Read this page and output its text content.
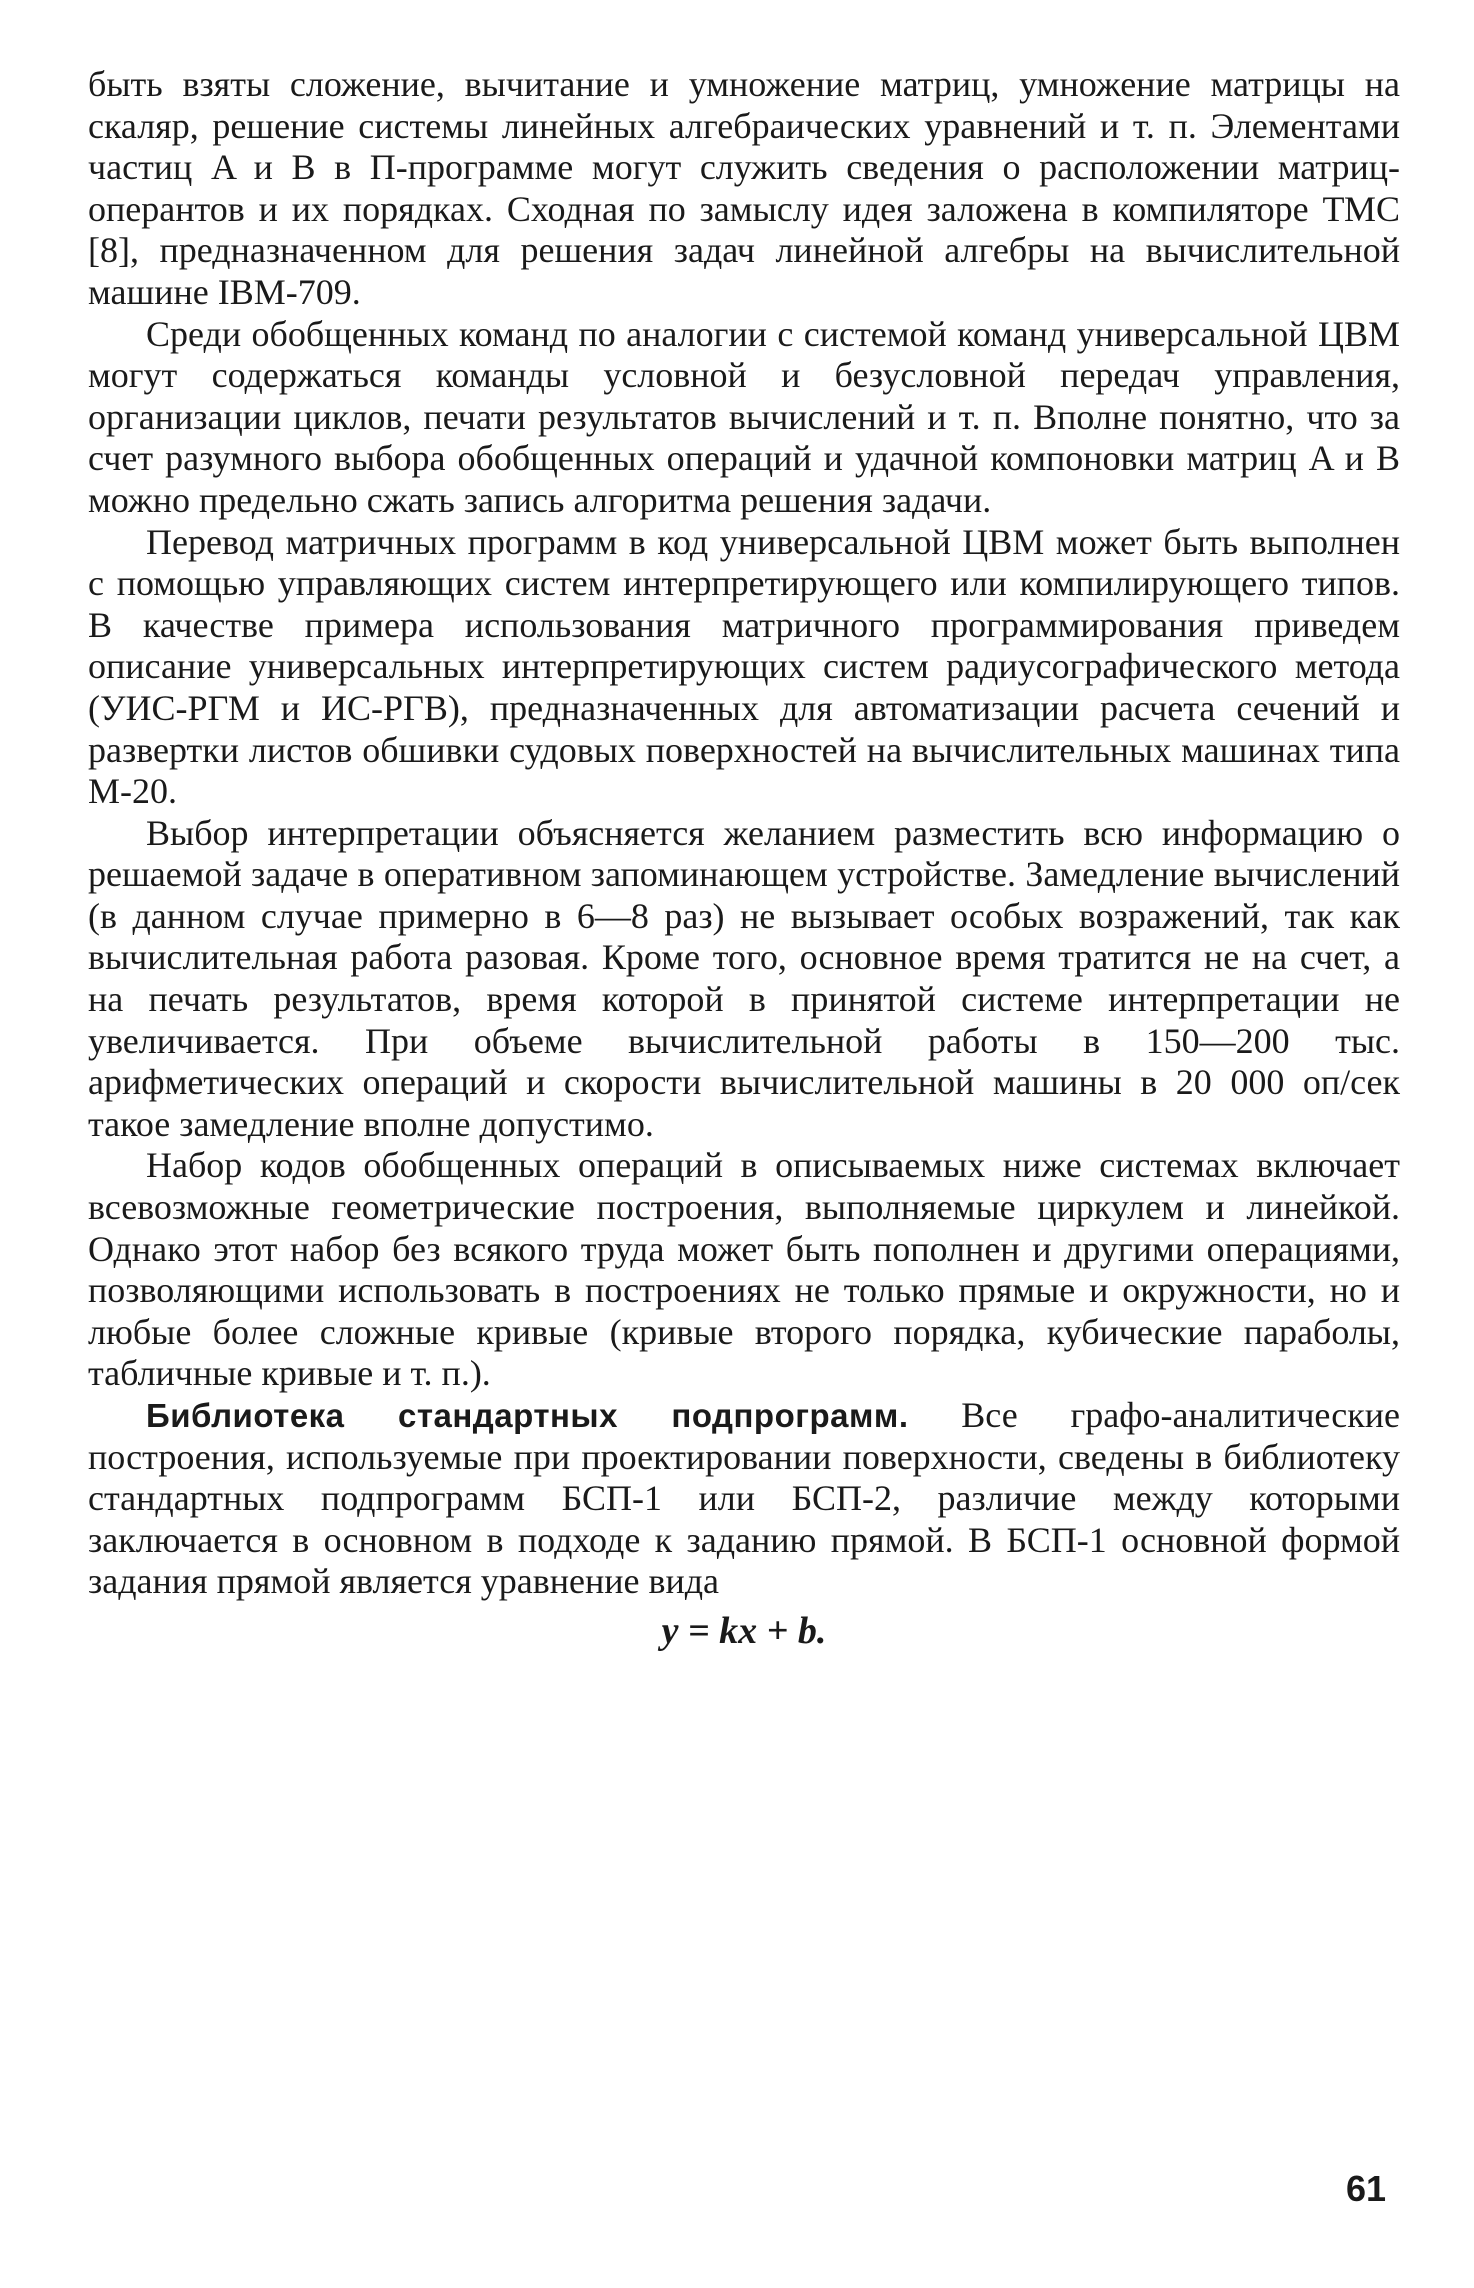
быть взяты сложение, вычитание и умножение матриц, умножение матрицы на скаляр, решение системы линейных алгебраических уравнений и т. п. Элементами частиц A и B в П-программе могут служить сведения о расположении матриц-оперантов и их порядках. Сходная по замыслу идея заложена в компиляторе ТМС [8], предназначенном для решения задач линейной алгебры на вычислительной машине IBM-709.

Среди обобщенных команд по аналогии с системой команд универсальной ЦВМ могут содержаться команды условной и безусловной передач управления, организации циклов, печати результатов вычислений и т. п. Вполне понятно, что за счет разумного выбора обобщенных операций и удачной компоновки матриц A и B можно предельно сжать запись алгоритма решения задачи.

Перевод матричных программ в код универсальной ЦВМ может быть выполнен с помощью управляющих систем интерпретирующего или компилирующего типов. В качестве примера использования матричного программирования приведем описание универсальных интерпретирующих систем радиусографического метода (УИС-РГМ и ИС-РГВ), предназначенных для автоматизации расчета сечений и развертки листов обшивки судовых поверхностей на вычислительных машинах типа М-20.

Выбор интерпретации объясняется желанием разместить всю информацию о решаемой задаче в оперативном запоминающем устройстве. Замедление вычислений (в данном случае примерно в 6—8 раз) не вызывает особых возражений, так как вычислительная работа разовая. Кроме того, основное время тратится не на счет, а на печать результатов, время которой в принятой системе интерпретации не увеличивается. При объеме вычислительной работы в 150—200 тыс. арифметических операций и скорости вычислительной машины в 20 000 оп/сек такое замедление вполне допустимо.

Набор кодов обобщенных операций в описываемых ниже системах включает всевозможные геометрические построения, выполняемые циркулем и линейкой. Однако этот набор без всякого труда может быть пополнен и другими операциями, позволяющими использовать в построениях не только прямые и окружности, но и любые более сложные кривые (кривые второго порядка, кубические параболы, табличные кривые и т. п.).

Библиотека стандартных подпрограмм. Все графо-аналитические построения, используемые при проектировании поверхности, сведены в библиотеку стандартных подпрограмм БСП-1 или БСП-2, различие между которыми заключается в основном в подходе к заданию прямой. В БСП-1 основной формой задания прямой является уравнение вида

y = kx + b.

61
